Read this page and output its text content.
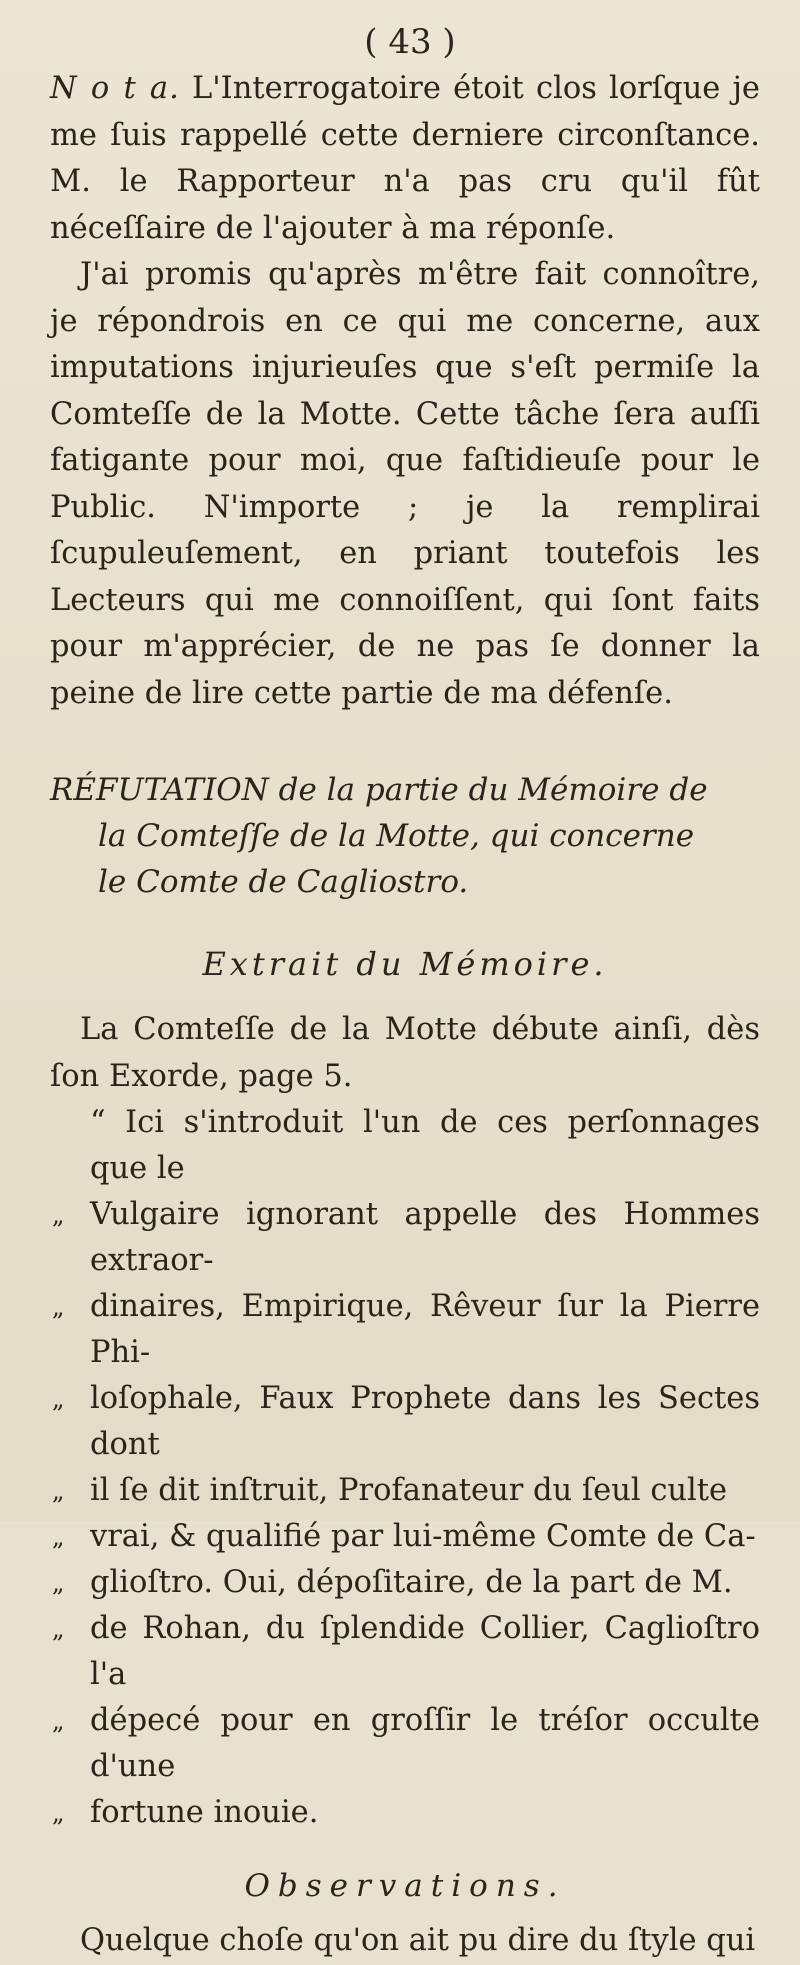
( 43 )

N o t a. L'Interrogatoire étoit clos lorſque je me ſuis rappellé cette derniere circonſtance. M. le Rapporteur n'a pas cru qu'il fût néceſſaire de l'ajouter à ma réponſe.

J'ai promis qu'après m'être fait connoître, je répondrois en ce qui me concerne, aux imputations injurieuſes que s'eſt permiſe la Comteſſe de la Motte. Cette tâche ſera auſſi fatigante pour moi, que faſtidieuſe pour le Public. N'importe ; je la remplirai ſcupuleuſement, en priant toutefois les Lecteurs qui me connoiſſent, qui ſont faits pour m'apprécier, de ne pas ſe donner la peine de lire cette partie de ma défenſe.

RÉFUTATION de la partie du Mémoire de
la Comteſſe de la Motte, qui concerne
le Comte de Cagliostro.
Extrait du Mémoire.

La Comteſſe de la Motte débute ainſi, dès ſon Exorde, page 5.

“ Ici s'introduit l'un de ces perſonnages que le
„ Vulgaire ignorant appelle des Hommes extraor-
„ dinaires, Empirique, Rêveur ſur la Pierre Phi-
„ loſophale, Faux Prophete dans les Sectes dont
„ il ſe dit inſtruit, Profanateur du ſeul culte
„ vrai, & qualifié par lui-même Comte de Ca-
„ glioſtro. Oui, dépoſitaire, de la part de M.
„ de Rohan, du ſplendide Collier, Caglioſtro l'a
„ dépecé pour en groſſir le tréſor occulte d'une
„ fortune inouie.
Observations.

Quelque choſe qu'on ait pu dire du ſtyle qui
